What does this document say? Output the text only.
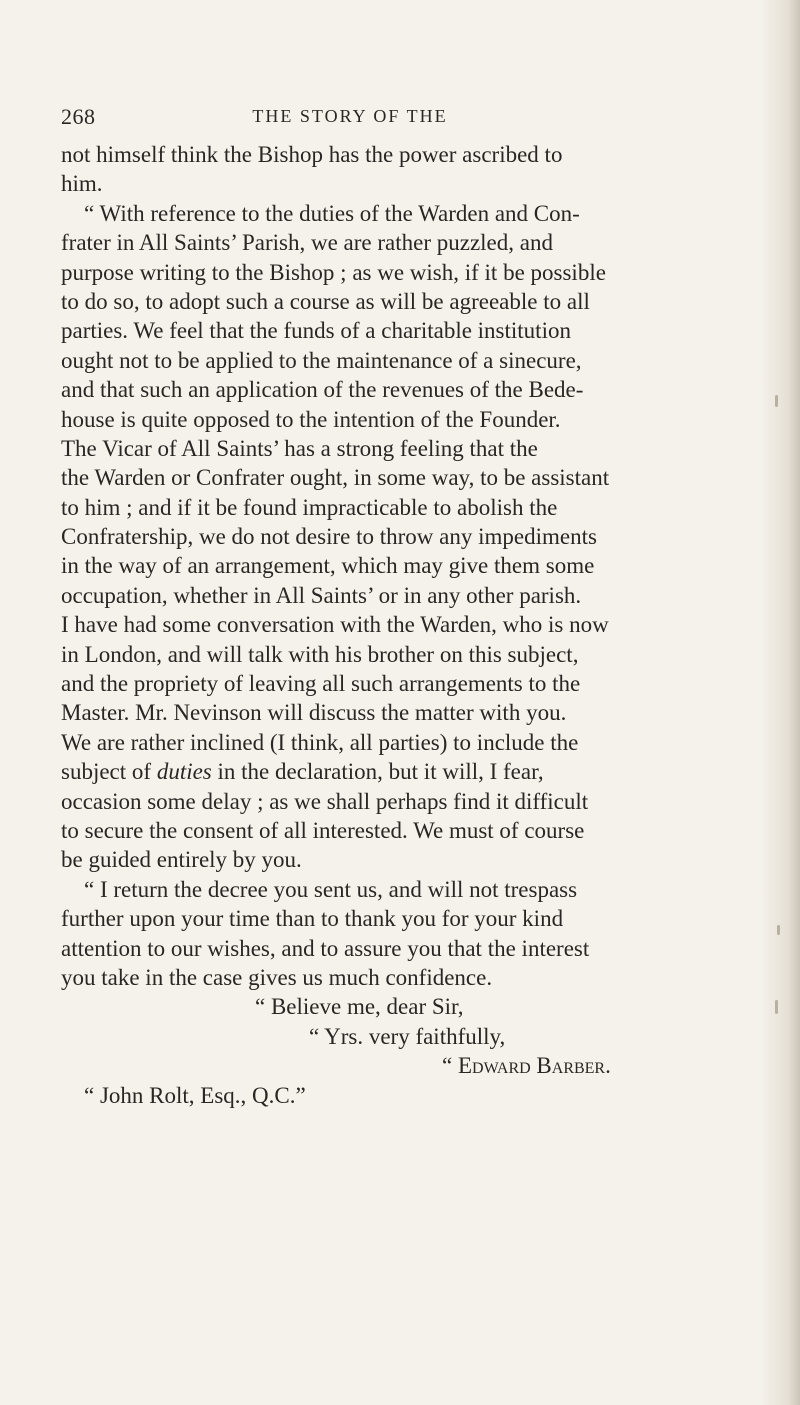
268	THE STORY OF THE
not himself think the Bishop has the power ascribed to
him.
“ With reference to the duties of the Warden and Con-
frater in All Saints’ Parish, we are rather puzzled, and
purpose writing to the Bishop ; as we wish, if it be possible
to do so, to adopt such a course as will be agreeable to all
parties. We feel that the funds of a charitable institution
ought not to be applied to the maintenance of a sinecure,
and that such an application of the revenues of the Bede-
house is quite opposed to the intention of the Founder.
The Vicar of All Saints’ has a strong feeling that the
the Warden or Confrater ought, in some way, to be assistant
to him ; and if it be found impracticable to abolish the
Confratership, we do not desire to throw any impediments
in the way of an arrangement, which may give them some
occupation, whether in All Saints’ or in any other parish.
I have had some conversation with the Warden, who is now
in London, and will talk with his brother on this subject,
and the propriety of leaving all such arrangements to the
Master. Mr. Nevinson will discuss the matter with you.
We are rather inclined (I think, all parties) to include the
subject of duties in the declaration, but it will, I fear,
occasion some delay ; as we shall perhaps find it difficult
to secure the consent of all interested. We must of course
be guided entirely by you.
“ I return the decree you sent us, and will not trespass
further upon your time than to thank you for your kind
attention to our wishes, and to assure you that the interest
you take in the case gives us much confidence.
“ Believe me, dear Sir,
“ Yrs. very faithfully,
“ Edward Barber.
“ John Rolt, Esq., Q.C.”
